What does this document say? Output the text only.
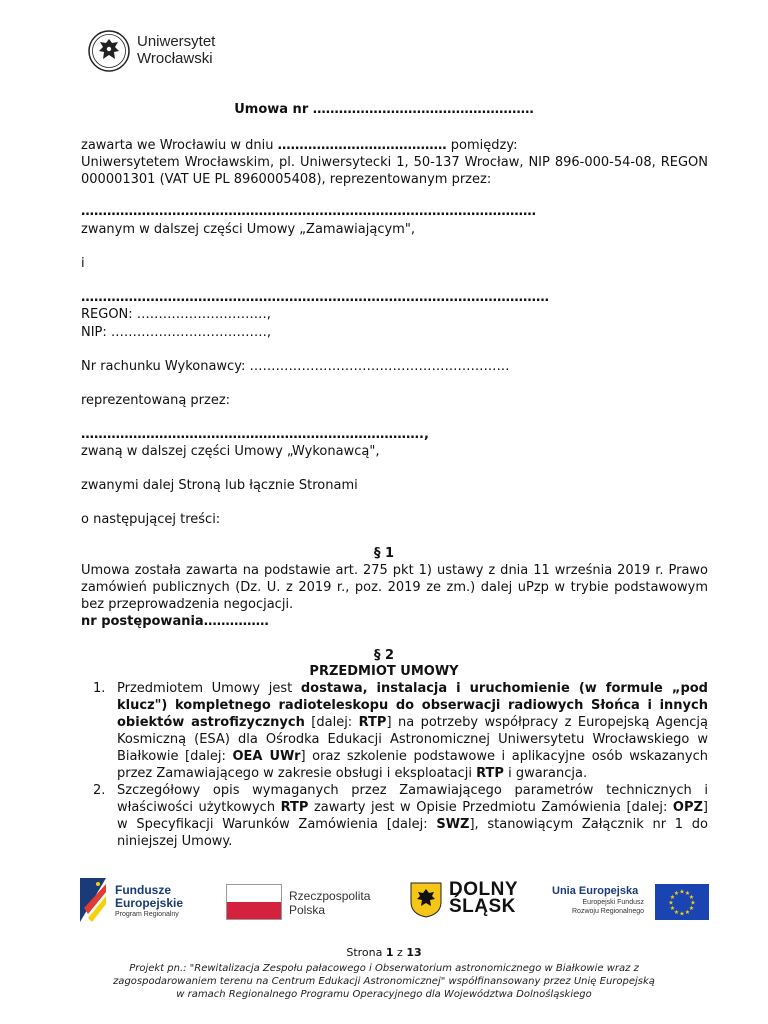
Uniwersytet
Wrocławski
Umowa nr ……………………………………………
zawarta we Wrocławiu w dniu ………………………………… pomiędzy:
Uniwersytetem Wrocławskim, pl. Uniwersytecki 1, 50-137 Wrocław, NIP 896-000-54-08, REGON 000001301 (VAT UE PL 8960005408), reprezentowanym przez:
……………………………………………………………………………………………
zwanym w dalszej części Umowy „Zamawiającym",
i
………………………………………………………………………………………………
REGON: …………………………,
NIP: ………………………………,
Nr rachunku Wykonawcy: ……………………………………………………
reprezentowaną przez:
…………………………………………………………………….,
zwaną w dalszej części Umowy „Wykonawcą",
zwanymi dalej Stroną lub łącznie Stronami
o następującej treści:
§ 1
Umowa została zawarta na podstawie art. 275 pkt 1) ustawy z dnia 11 września 2019 r. Prawo zamówień publicznych (Dz. U. z 2019 r., poz. 2019 ze zm.) dalej uPzp w trybie podstawowym bez przeprowadzenia negocjacji.
nr postępowania……………
§ 2
PRZEDMIOT UMOWY
1. Przedmiotem Umowy jest dostawa, instalacja i uruchomienie (w formule „pod klucz") kompletnego radioteleskopu do obserwacji radiowych Słońca i innych obiektów astrofizycznych [dalej: RTP] na potrzeby współpracy z Europejską Agencją Kosmiczną (ESA) dla Ośrodka Edukacji Astronomicznej Uniwersytetu Wrocławskiego w Białkowie [dalej: OEA UWr] oraz szkolenie podstawowe i aplikacyjne osób wskazanych przez Zamawiającego w zakresie obsługi i eksploatacji RTP i gwarancja.
2. Szczegółowy opis wymaganych przez Zamawiającego parametrów technicznych i właściwości użytkowych RTP zawarty jest w Opisie Przedmiotu Zamówienia [dalej: OPZ] w Specyfikacji Warunków Zamówienia [dalej: SWZ], stanowiącym Załącznik nr 1 do niniejszej Umowy.
Fundusze
Europejskie
Program Regionalny
Rzeczpospolita
Polska
DOLNY
ŚLĄSK
Unia Europejska
Europejski Fundusz
Rozwoju Regionalnego
★
★
★
★
★
★
★
★
★ ★ ★
★
Strona 1 z 13
Projekt pn.: "Rewitalizacja Zespołu pałacowego i Obserwatorium astronomicznego w Białkowie wraz z
zagospodarowaniem terenu na Centrum Edukacji Astronomicznej" współfinansowany przez Unię Europejską
w ramach Regionalnego Programu Operacyjnego dla Województwa Dolnośląskiego
